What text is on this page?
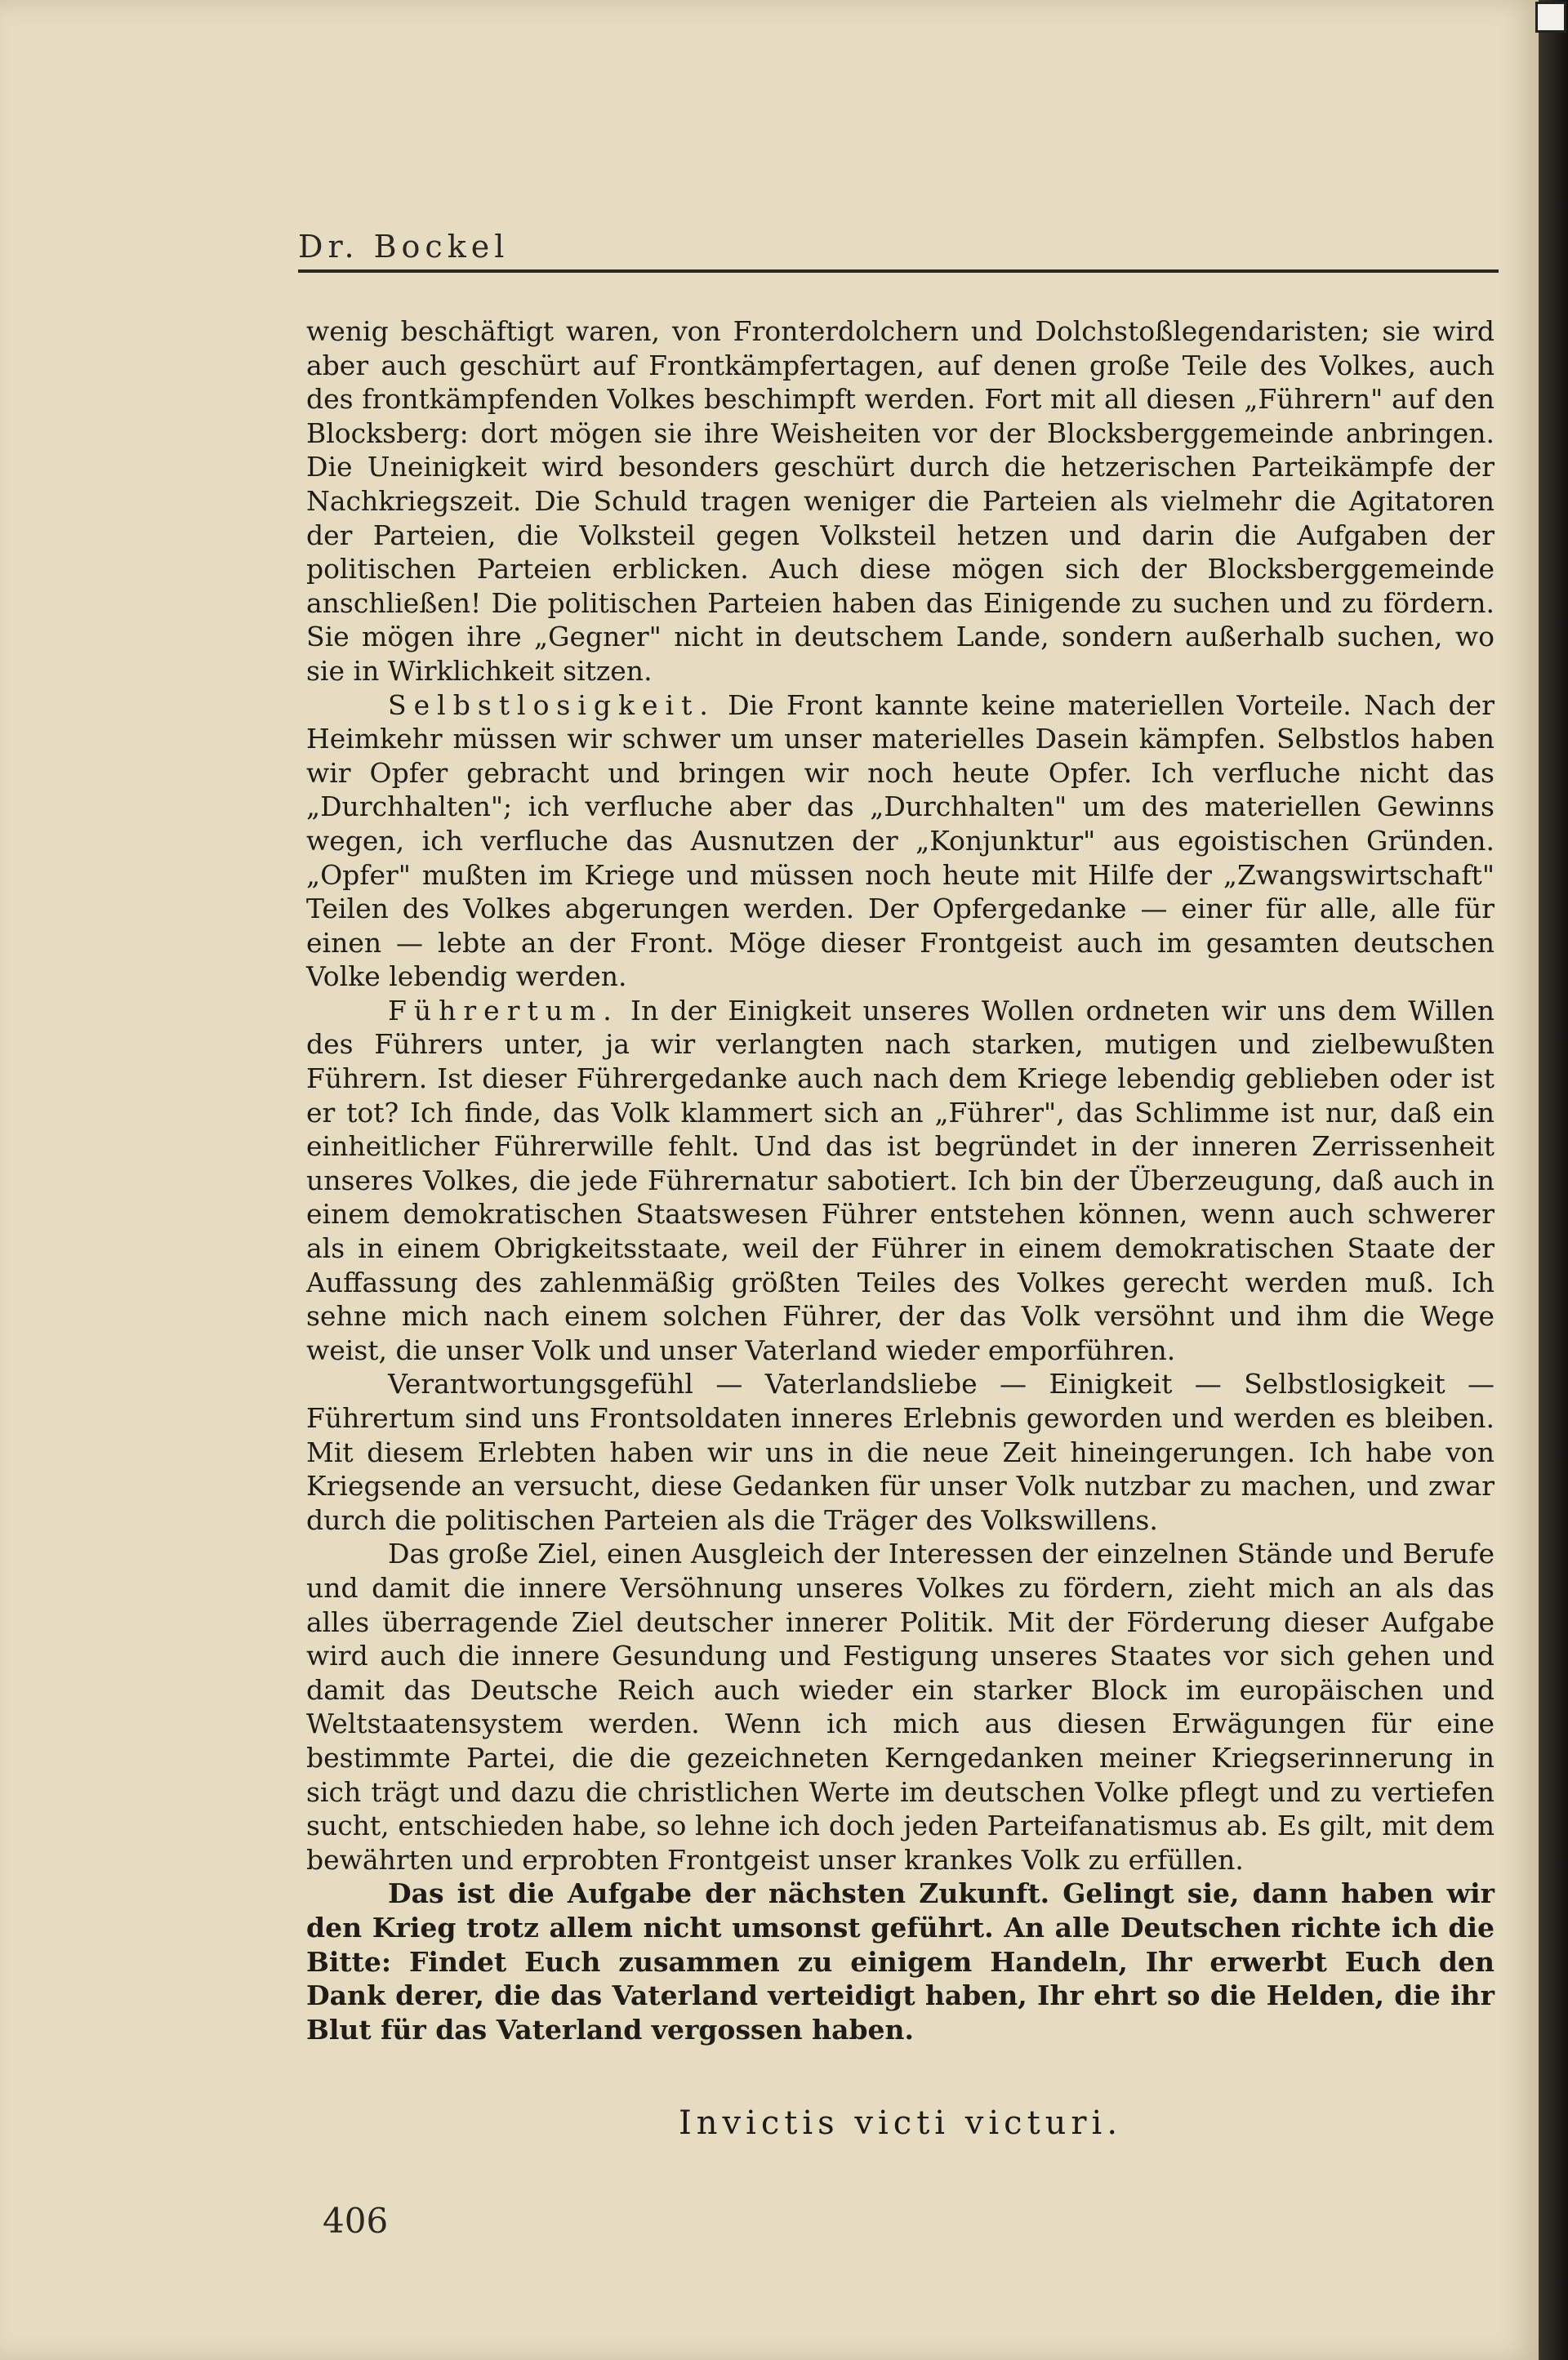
Dr. Bockel

wenig beschäftigt waren, von Fronterdolchern und Dolchstoßlegendaristen; sie wird aber auch geschürt auf Frontkämpfertagen, auf denen große Teile des Volkes, auch des frontkämpfenden Volkes beschimpft werden. Fort mit all diesen „Führern" auf den Blocksberg: dort mögen sie ihre Weisheiten vor der Blocksberggemeinde anbringen. Die Uneinigkeit wird besonders geschürt durch die hetzerischen Parteikämpfe der Nachkriegszeit. Die Schuld tragen weniger die Parteien als vielmehr die Agitatoren der Parteien, die Volksteil gegen Volksteil hetzen und darin die Aufgaben der politischen Parteien erblicken. Auch diese mögen sich der Blocksberggemeinde anschließen! Die politischen Parteien haben das Einigende zu suchen und zu fördern. Sie mögen ihre „Gegner" nicht in deutschem Lande, sondern außerhalb suchen, wo sie in Wirklichkeit sitzen.

Selbstlosigkeit. Die Front kannte keine materiellen Vorteile. Nach der Heimkehr müssen wir schwer um unser materielles Dasein kämpfen. Selbstlos haben wir Opfer gebracht und bringen wir noch heute Opfer. Ich verfluche nicht das „Durchhalten"; ich verfluche aber das „Durchhalten" um des materiellen Gewinns wegen, ich verfluche das Ausnutzen der „Konjunktur" aus egoistischen Gründen. „Opfer" mußten im Kriege und müssen noch heute mit Hilfe der „Zwangswirtschaft" Teilen des Volkes abgerungen werden. Der Opfergedanke — einer für alle, alle für einen — lebte an der Front. Möge dieser Frontgeist auch im gesamten deutschen Volke lebendig werden.

Führertum. In der Einigkeit unseres Wollen ordneten wir uns dem Willen des Führers unter, ja wir verlangten nach starken, mutigen und zielbewußten Führern. Ist dieser Führergedanke auch nach dem Kriege lebendig geblieben oder ist er tot? Ich finde, das Volk klammert sich an „Führer", das Schlimme ist nur, daß ein einheitlicher Führerwille fehlt. Und das ist begründet in der inneren Zerrissenheit unseres Volkes, die jede Führernatur sabotiert. Ich bin der Überzeugung, daß auch in einem demokratischen Staatswesen Führer entstehen können, wenn auch schwerer als in einem Obrigkeitsstaate, weil der Führer in einem demokratischen Staate der Auffassung des zahlenmäßig größten Teiles des Volkes gerecht werden muß. Ich sehne mich nach einem solchen Führer, der das Volk versöhnt und ihm die Wege weist, die unser Volk und unser Vaterland wieder emporführen.

Verantwortungsgefühl — Vaterlandsliebe — Einigkeit — Selbstlosigkeit — Führertum sind uns Frontsoldaten inneres Erlebnis geworden und werden es bleiben. Mit diesem Erlebten haben wir uns in die neue Zeit hineingerungen. Ich habe von Kriegsende an versucht, diese Gedanken für unser Volk nutzbar zu machen, und zwar durch die politischen Parteien als die Träger des Volkswillens.

Das große Ziel, einen Ausgleich der Interessen der einzelnen Stände und Berufe und damit die innere Versöhnung unseres Volkes zu fördern, zieht mich an als das alles überragende Ziel deutscher innerer Politik. Mit der Förderung dieser Aufgabe wird auch die innere Gesundung und Festigung unseres Staates vor sich gehen und damit das Deutsche Reich auch wieder ein starker Block im europäischen und Weltstaatensystem werden. Wenn ich mich aus diesen Erwägungen für eine bestimmte Partei, die die gezeichneten Kerngedanken meiner Kriegserinnerung in sich trägt und dazu die christlichen Werte im deutschen Volke pflegt und zu vertiefen sucht, entschieden habe, so lehne ich doch jeden Parteifanatismus ab. Es gilt, mit dem bewährten und erprobten Frontgeist unser krankes Volk zu erfüllen.

Das ist die Aufgabe der nächsten Zukunft. Gelingt sie, dann haben wir den Krieg trotz allem nicht umsonst geführt. An alle Deutschen richte ich die Bitte: Findet Euch zusammen zu einigem Handeln, Ihr erwerbt Euch den Dank derer, die das Vaterland verteidigt haben, Ihr ehrt so die Helden, die ihr Blut für das Vaterland vergossen haben.

Invictis victi victuri.
406
